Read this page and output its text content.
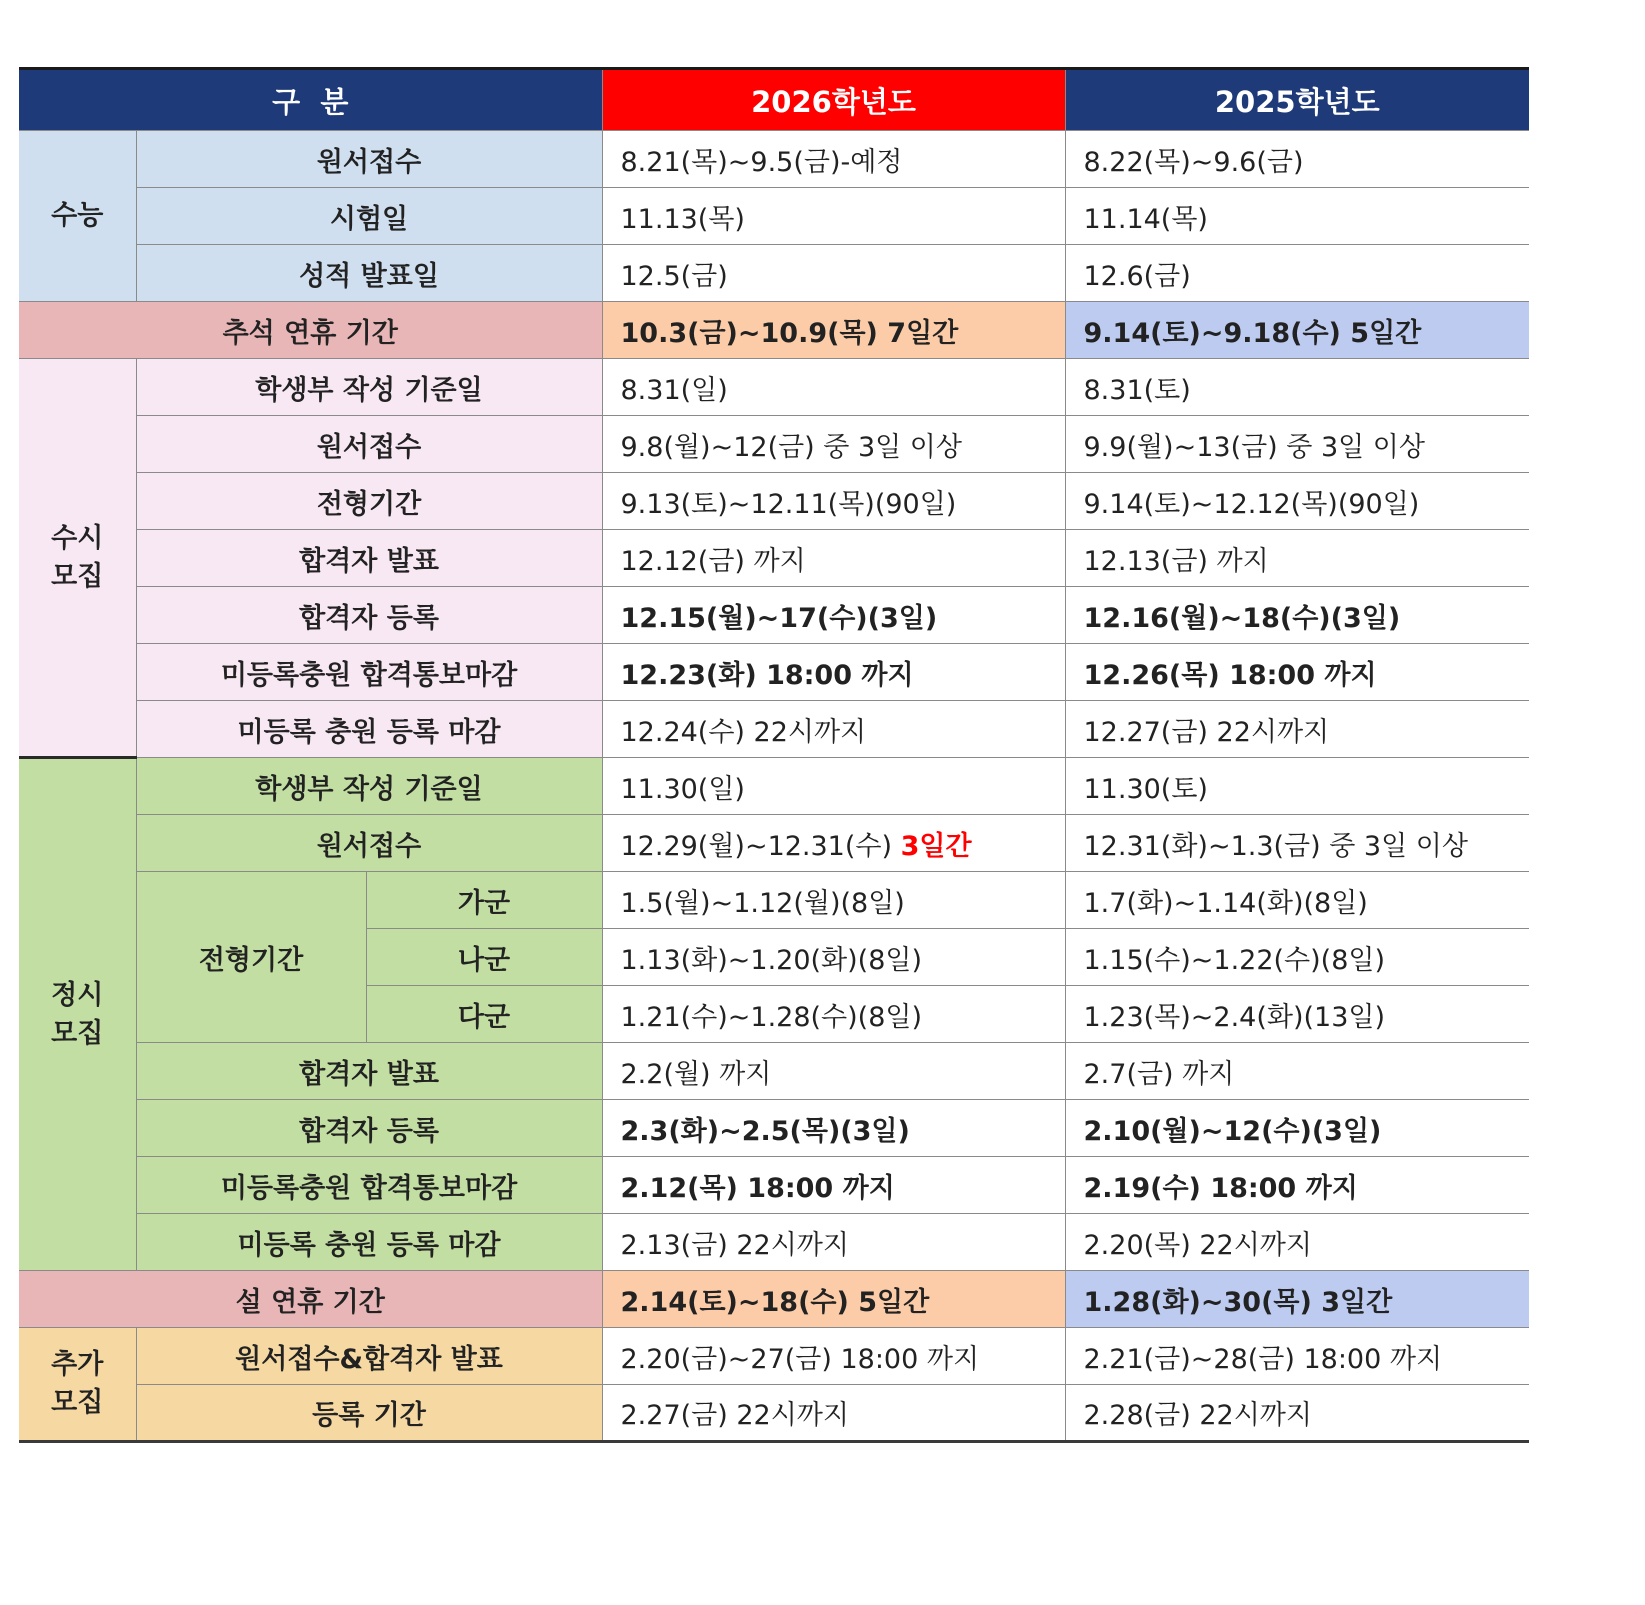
구  분			2026학년도	2025학년도
수능	원서접수		8.21(목)~9.5(금)-예정	8.22(목)~9.6(금)
	시험일		11.13(목)	11.14(목)
	성적 발표일		12.5(금)	12.6(금)
추석 연휴 기간			10.3(금)~10.9(목) 7일간	9.14(토)~9.18(수) 5일간
수시
모집	학생부 작성 기준일		8.31(일)	8.31(토)
	원서접수		9.8(월)~12(금) 중 3일 이상	9.9(월)~13(금) 중 3일 이상
	전형기간		9.13(토)~12.11(목)(90일)	9.14(토)~12.12(목)(90일)
	합격자 발표		12.12(금) 까지	12.13(금) 까지
	합격자 등록		12.15(월)~17(수)(3일)	12.16(월)~18(수)(3일)
	미등록충원 합격통보마감		12.23(화) 18:00 까지	12.26(목) 18:00 까지
	미등록 충원 등록 마감		12.24(수) 22시까지	12.27(금) 22시까지
정시
모집	학생부 작성 기준일		11.30(일)	11.30(토)
	원서접수		12.29(월)~12.31(수) 3일간	12.31(화)~1.3(금) 중 3일 이상
	전형기간	가군	1.5(월)~1.12(월)(8일)	1.7(화)~1.14(화)(8일)
		나군	1.13(화)~1.20(화)(8일)	1.15(수)~1.22(수)(8일)
		다군	1.21(수)~1.28(수)(8일)	1.23(목)~2.4(화)(13일)
	합격자 발표		2.2(월) 까지	2.7(금) 까지
	합격자 등록		2.3(화)~2.5(목)(3일)	2.10(월)~12(수)(3일)
	미등록충원 합격통보마감		2.12(목) 18:00 까지	2.19(수) 18:00 까지
	미등록 충원 등록 마감		2.13(금) 22시까지	2.20(목) 22시까지
설 연휴 기간			2.14(토)~18(수) 5일간	1.28(화)~30(목) 3일간
추가
모집	원서접수&합격자 발표		2.20(금)~27(금) 18:00 까지	2.21(금)~28(금) 18:00 까지
	등록 기간		2.27(금) 22시까지	2.28(금) 22시까지
